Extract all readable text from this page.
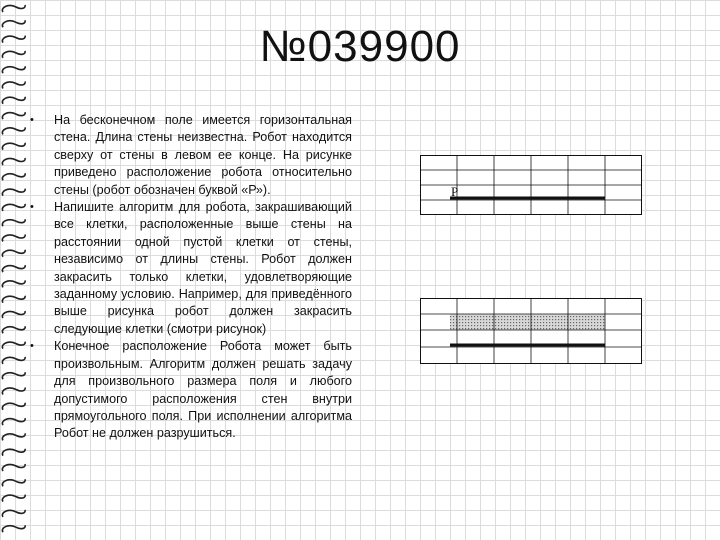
№039900
• На бесконечном поле имеется горизонтальная стена. Длина стены неизвестна. Робот находится сверху от стены в левом ее конце. На рисунке приведено расположение робота относительно стены (робот обозначен буквой «Р»).
• Напишите алгоритм для робота, закрашивающий все клетки, расположенные выше стены на расстоянии одной пустой клетки от стены, независимо от длины стены. Робот должен закрасить только клетки, удовлетворяющие заданному условию. Например, для приведённого выше рисунка робот должен закрасить следующие клетки (смотри рисунок)
• Конечное расположение Робота может быть произвольным. Алгоритм должен решать задачу для произвольного размера поля и любого допустимого расположения стен внутри прямоугольного поля. При исполнении алгоритма Робот не должен разрушиться.
Р
